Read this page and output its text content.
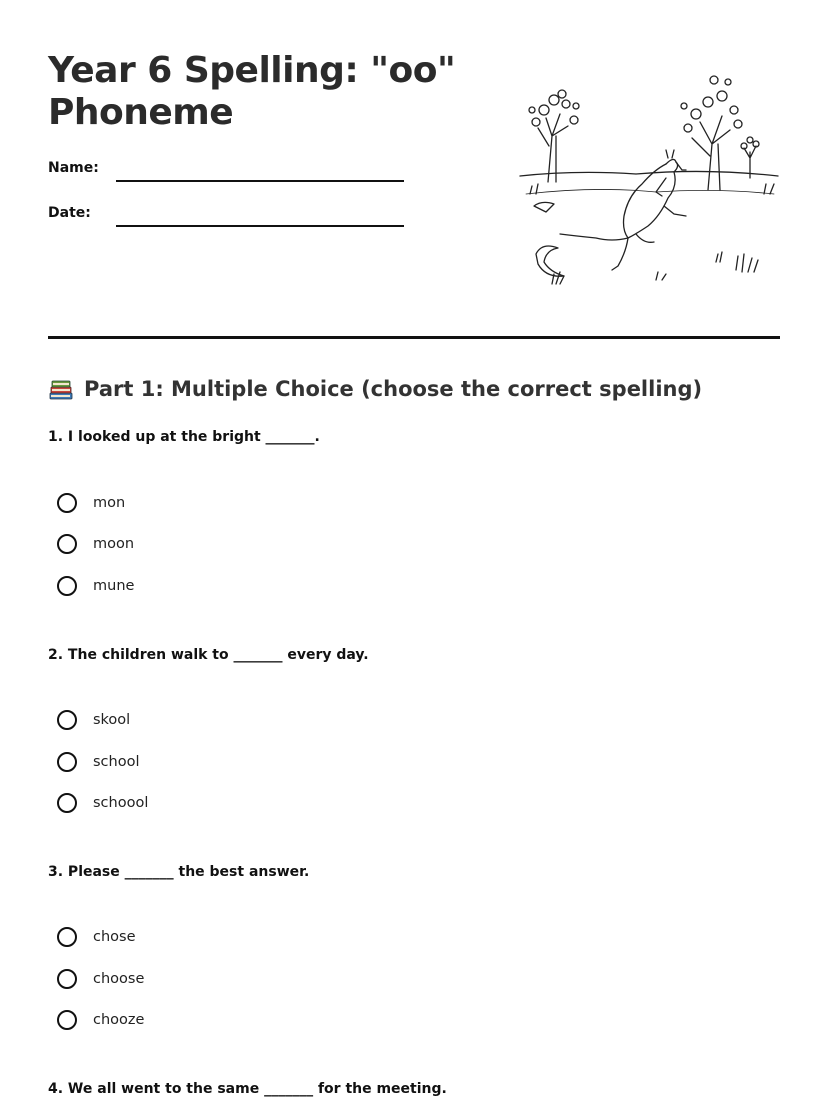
Year 6 Spelling: "oo" Phoneme
Name:
Date:
Part 1: Multiple Choice (choose the correct spelling)
1. I looked up at the bright _______.
mon
moon
mune
2. The children walk to _______ every day.
skool
school
schoool
3. Please _______ the best answer.
chose
choose
chooze
4. We all went to the same _______ for the meeting.
